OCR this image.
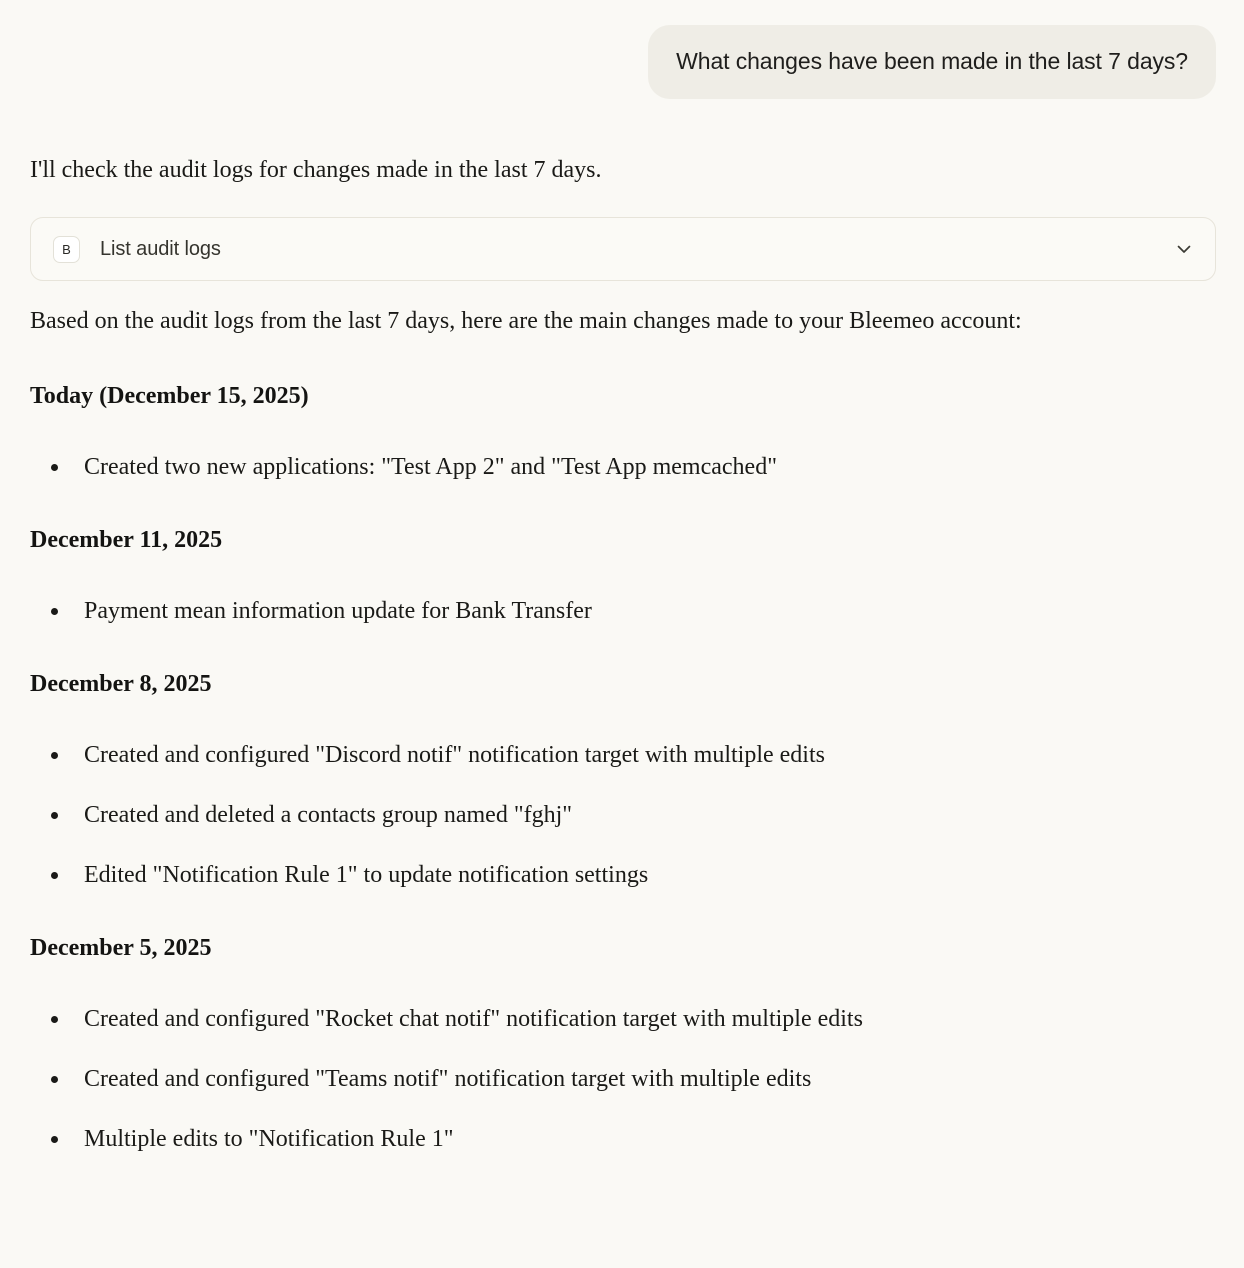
What changes have been made in the last 7 days?

I'll check the audit logs for changes made in the last 7 days.

B	List audit logs

Based on the audit logs from the last 7 days, here are the main changes made to your Bleemeo account:

Today (December 15, 2025)
Created two new applications: "Test App 2" and "Test App memcached"
December 11, 2025
Payment mean information update for Bank Transfer
December 8, 2025
Created and configured "Discord notif" notification target with multiple edits
Created and deleted a contacts group named "fghj"
Edited "Notification Rule 1" to update notification settings
December 5, 2025
Created and configured "Rocket chat notif" notification target with multiple edits
Created and configured "Teams notif" notification target with multiple edits
Multiple edits to "Notification Rule 1"
